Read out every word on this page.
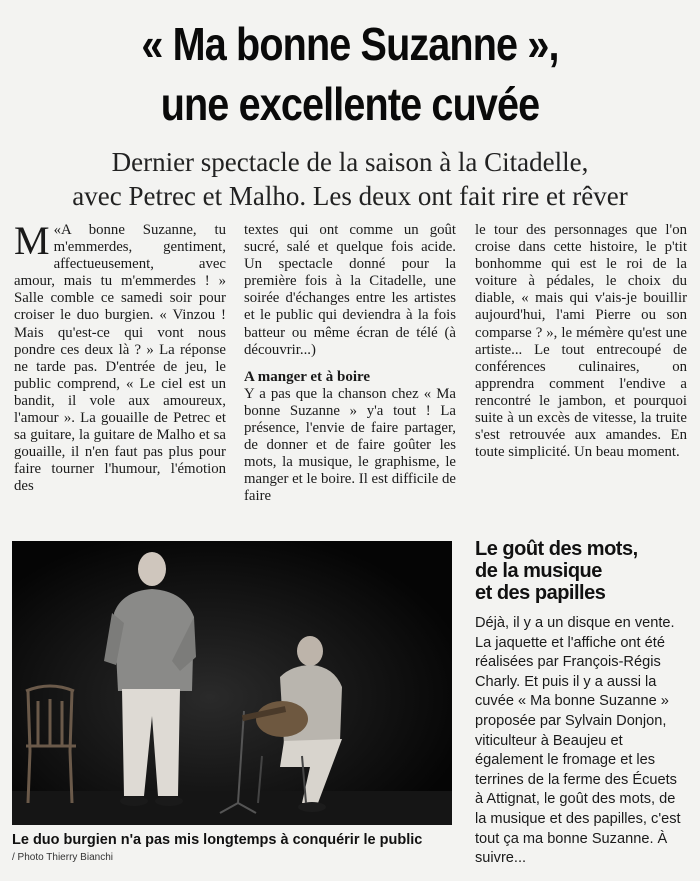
« Ma bonne Suzanne »,
une excellente cuvée
Dernier spectacle de la saison à la Citadelle,
avec Petrec et Malho. Les deux ont fait rire et rêver
«
M A bonne Suzanne, tu m'emmerdes, gentiment, affectueusement, avec amour, mais tu m'emmerdes ! » Salle comble ce samedi soir pour croiser le duo burgien. « Vinzou ! Mais qu'est-ce qui vont nous pondre ces deux là ? » La réponse ne tarde pas. D'entrée de jeu, le public comprend, « Le ciel est un bandit, il vole aux amoureux, l'amour ». La gouaille de Petrec et sa guitare, la guitare de Malho et sa gouaille, il n'en faut pas plus pour faire tourner l'humour, l'émotion des
textes qui ont comme un goût sucré, salé et quelque fois acide. Un spectacle donné pour la première fois à la Citadelle, une soirée d'échanges entre les artistes et le public qui deviendra à la fois batteur ou même écran de télé (à découvrir...)
A manger et à boire
Y a pas que la chanson chez « Ma bonne Suzanne » y'a tout ! La présence, l'envie de faire partager, de donner et de faire goûter les mots, la musique, le graphisme, le manger et le boire. Il est difficile de faire
le tour des personnages que l'on croise dans cette histoire, le p'tit bonhomme qui est le roi de la voiture à pédales, le choix du diable, « mais qui v'ais-je bouillir aujourd'hui, l'ami Pierre ou son comparse ? », le mémère qu'est une artiste... Le tout entrecoupé de conférences culinaires, on apprendra comment l'endive a rencontré le jambon, et pourquoi suite à un excès de vitesse, la truite s'est retrouvée aux amandes. En toute simplicité. Un beau moment.
Le duo burgien n'a pas mis longtemps à conquérir le public
/ Photo Thierry Bianchi
Le goût des mots,
de la musique
et des papilles
Déjà, il y a un disque en vente. La jaquette et l'affiche ont été réalisées par François-Régis Charly. Et puis il y a aussi la cuvée « Ma bonne Suzanne » proposée par Sylvain Donjon, viticulteur à Beaujeu et également le fromage et les terrines de la ferme des Écuets à Attignat, le goût des mots, de la musique et des papilles, c'est tout ça ma bonne Suzanne. À suivre...
